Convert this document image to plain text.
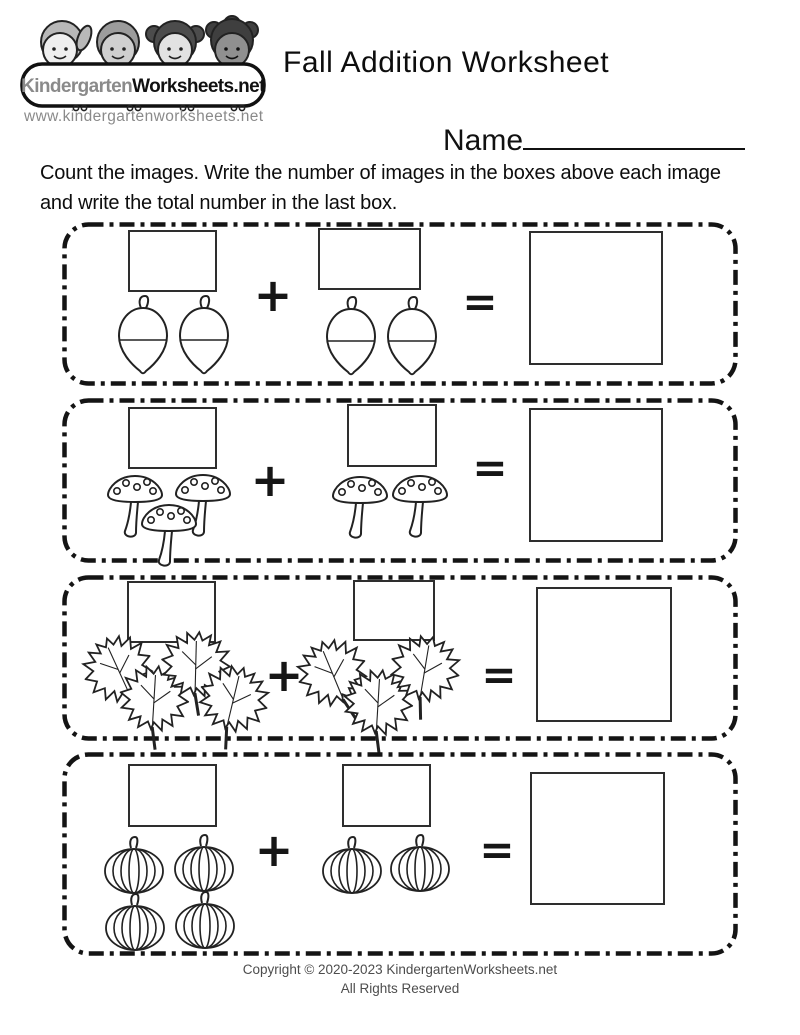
KindergartenWorksheets.net
www.kindergartenworksheets.net
Fall Addition Worksheet
Name
Count the images. Write the number of images in the boxes above each image
and write the total number in the last box.
+	=
+	=
+	=
+	=
Copyright © 2020-2023 KindergartenWorksheets.net
All Rights Reserved
